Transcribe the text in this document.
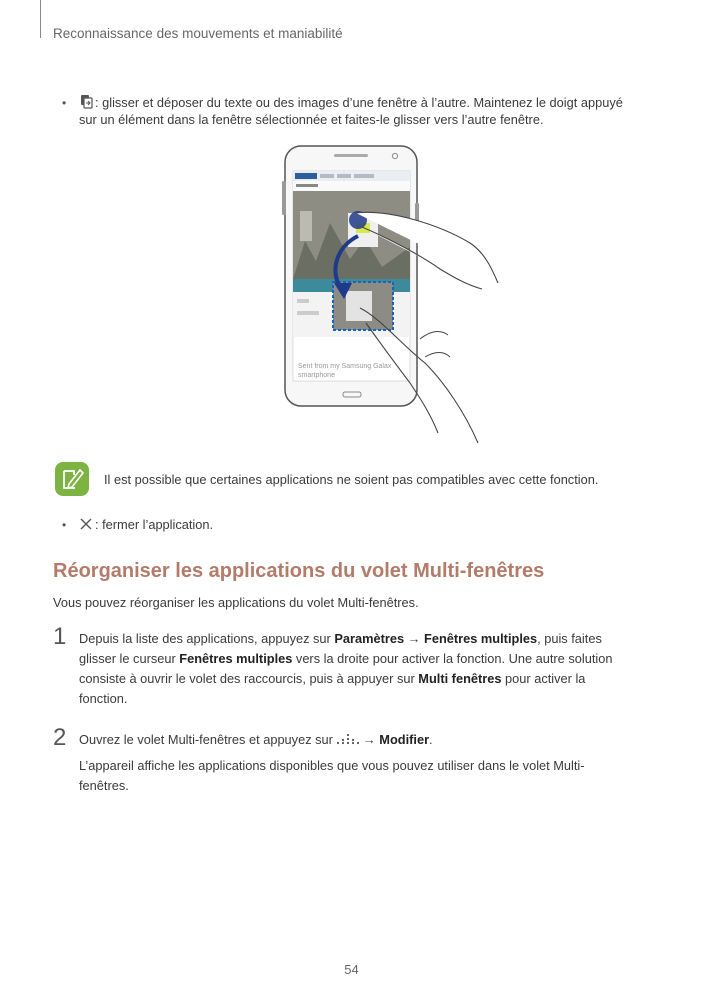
Reconnaissance des mouvements et maniabilité
•	: glisser et déposer du texte ou des images d’une fenêtre à l’autre. Maintenez le doigt appuyé
sur un élément dans la fenêtre sélectionnée et faites-le glisser vers l’autre fenêtre.
Sent from my Samsung Galax
smartphone
Il est possible que certaines applications ne soient pas compatibles avec cette fonction.
•	: fermer l’application.
Réorganiser les applications du volet Multi-fenêtres
Vous pouvez réorganiser les applications du volet Multi-fenêtres.
1 Depuis la liste des applications, appuyez sur Paramètres → Fenêtres multiples, puis faites
glisser le curseur Fenêtres multiples vers la droite pour activer la fonction. Une autre solution
consiste à ouvrir le volet des raccourcis, puis à appuyer sur Multi fenêtres pour activer la
fonction.
2 Ouvrez le volet Multi-fenêtres et appuyez sur → Modifier.
L’appareil affiche les applications disponibles que vous pouvez utiliser dans le volet Multi-
fenêtres.
54
